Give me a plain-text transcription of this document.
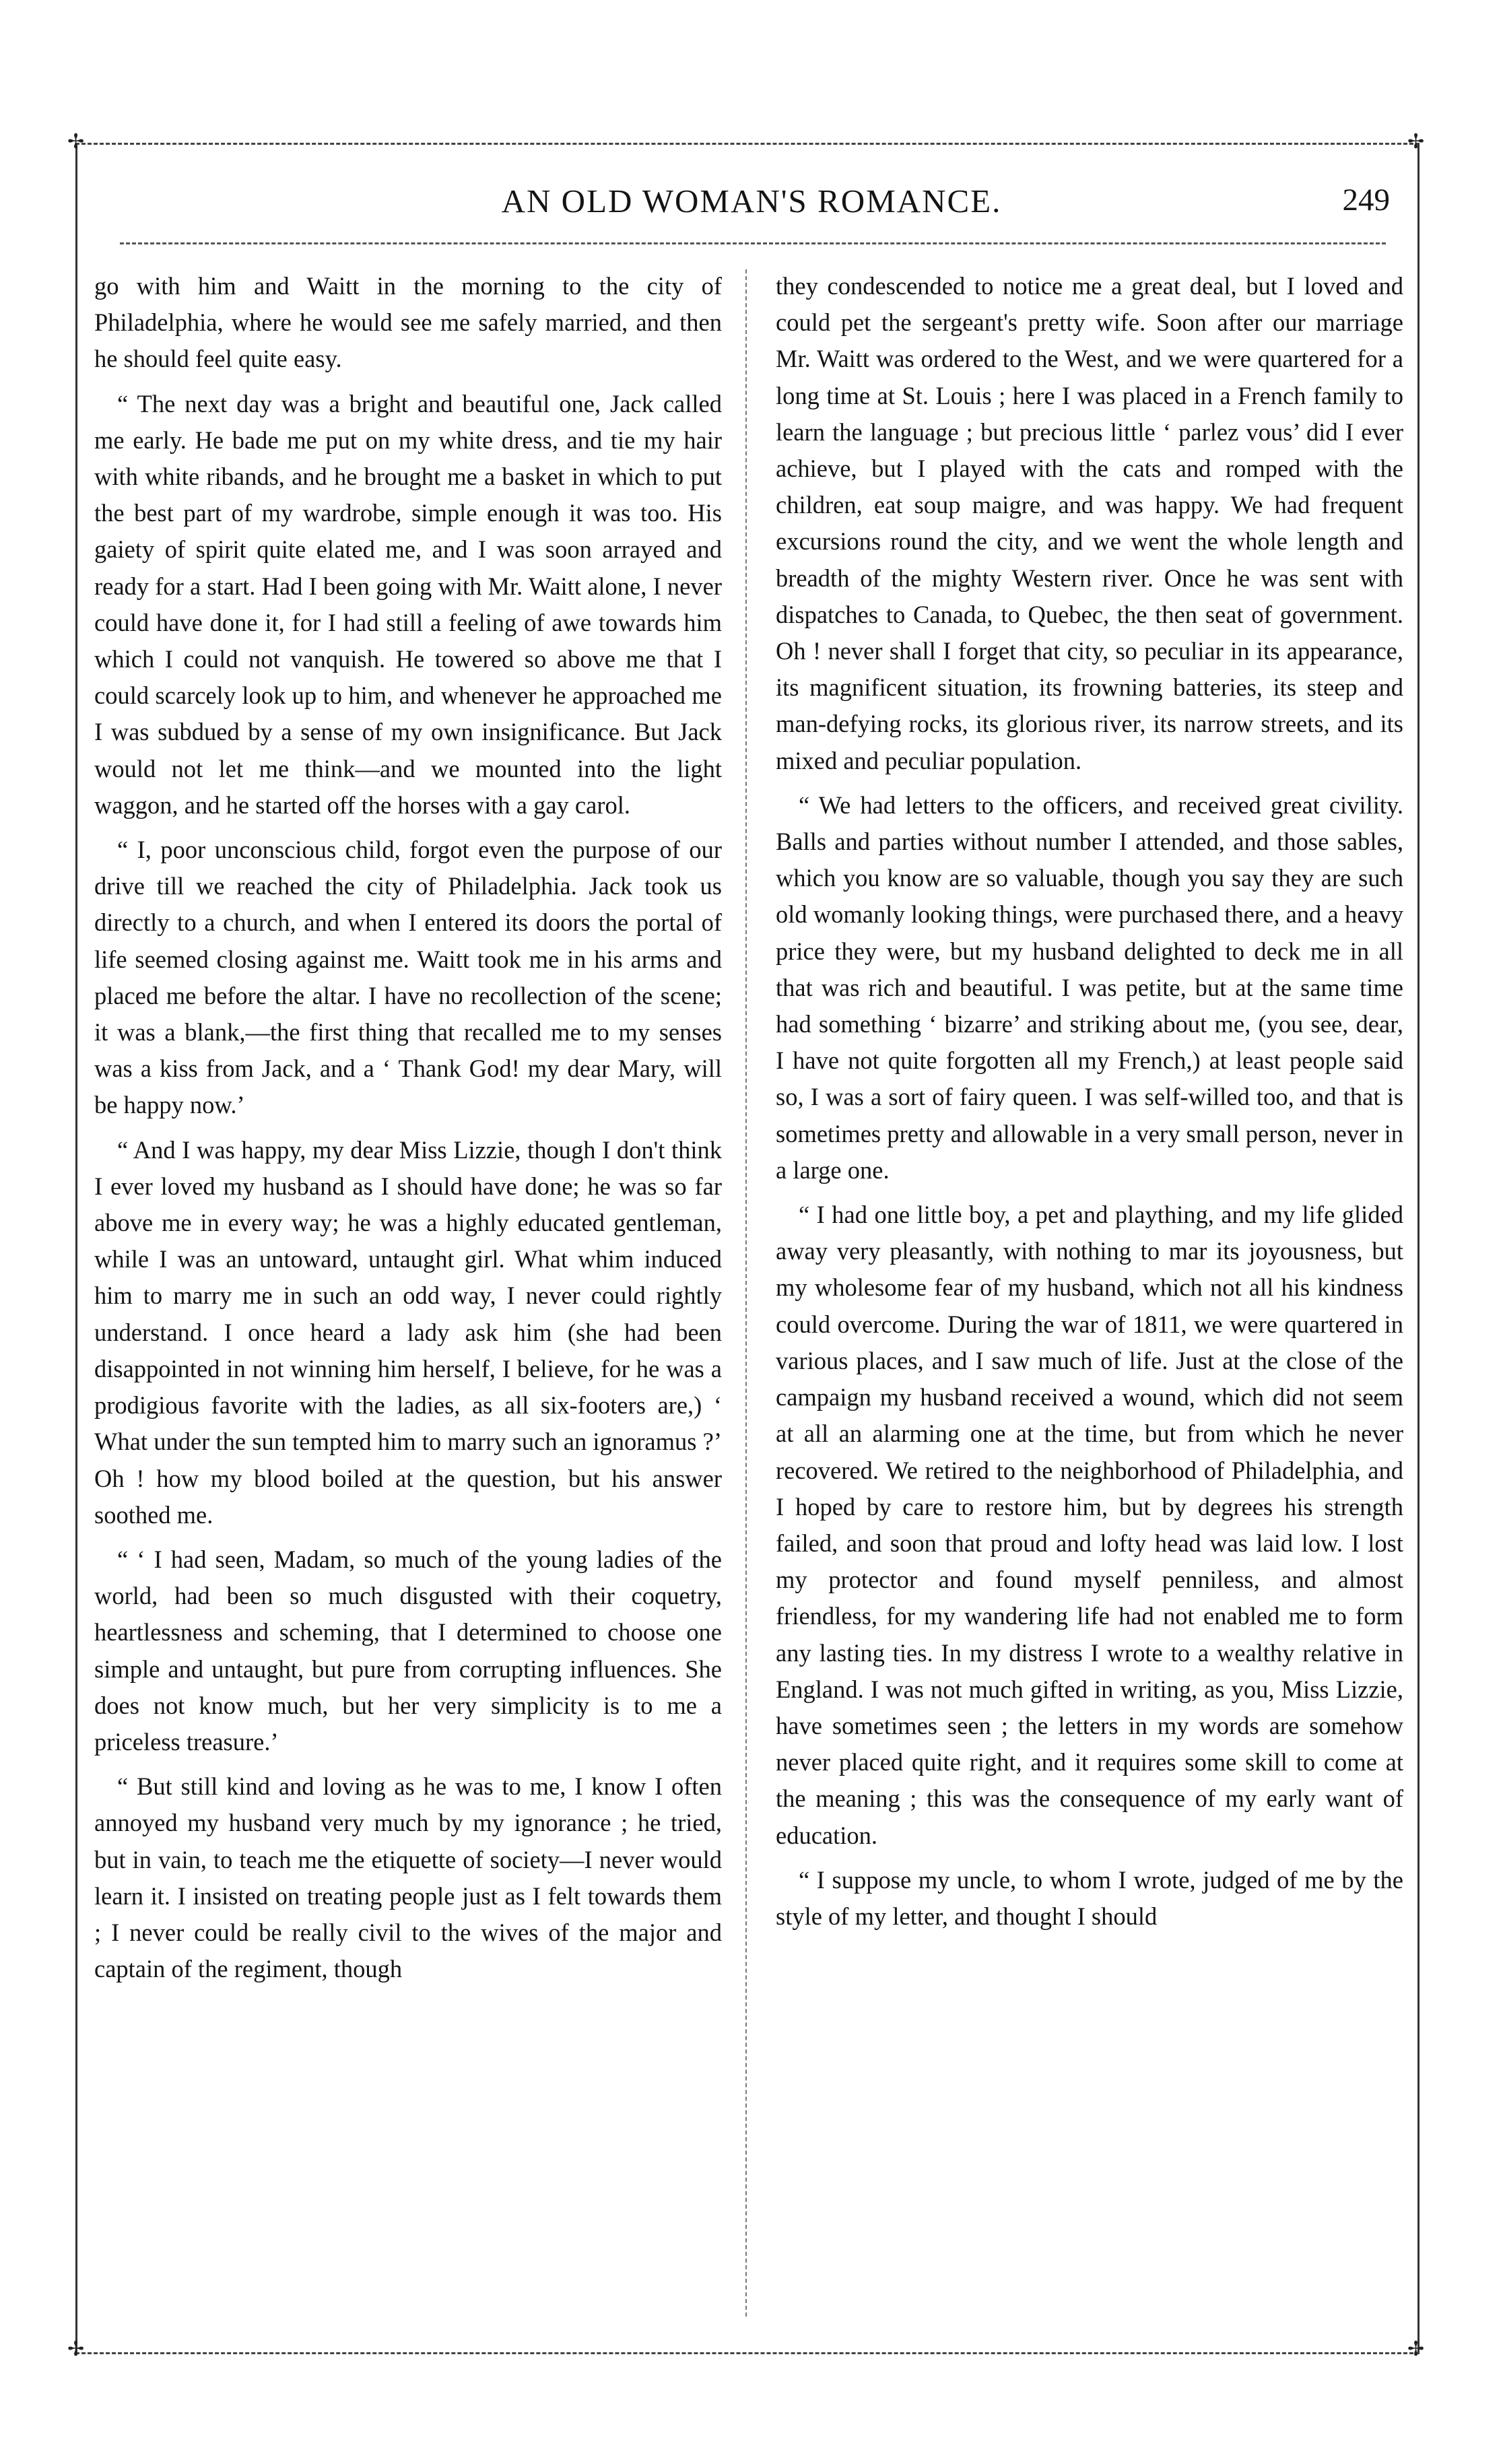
✢	✢
✢	✢
AN OLD WOMAN'S ROMANCE.	249

go with him and Waitt in the morning to the city of Philadelphia, where he would see me safely married, and then he should feel quite easy.

“ The next day was a bright and beautiful one, Jack called me early. He bade me put on my white dress, and tie my hair with white ribands, and he brought me a basket in which to put the best part of my wardrobe, simple enough it was too. His gaiety of spirit quite elated me, and I was soon arrayed and ready for a start. Had I been going with Mr. Waitt alone, I never could have done it, for I had still a feeling of awe towards him which I could not vanquish. He towered so above me that I could scarcely look up to him, and whenever he approached me I was subdued by a sense of my own insignificance. But Jack would not let me think—and we mounted into the light waggon, and he started off the horses with a gay carol.

“ I, poor unconscious child, forgot even the purpose of our drive till we reached the city of Philadelphia. Jack took us directly to a church, and when I entered its doors the portal of life seemed closing against me. Waitt took me in his arms and placed me before the altar. I have no recollection of the scene; it was a blank,—the first thing that recalled me to my senses was a kiss from Jack, and a ‘ Thank God! my dear Mary, will be happy now.’

“ And I was happy, my dear Miss Lizzie, though I don't think I ever loved my husband as I should have done; he was so far above me in every way; he was a highly educated gentleman, while I was an untoward, untaught girl. What whim induced him to marry me in such an odd way, I never could rightly understand. I once heard a lady ask him (she had been disappointed in not winning him herself, I believe, for he was a prodigious favorite with the ladies, as all six-footers are,) ‘ What under the sun tempted him to marry such an ignoramus ?’ Oh ! how my blood boiled at the question, but his answer soothed me.

“ ‘ I had seen, Madam, so much of the young ladies of the world, had been so much disgusted with their coquetry, heartlessness and scheming, that I determined to choose one simple and untaught, but pure from corrupting influences. She does not know much, but her very simplicity is to me a priceless treasure.’

“ But still kind and loving as he was to me, I know I often annoyed my husband very much by my ignorance ; he tried, but in vain, to teach me the etiquette of society—I never would learn it. I insisted on treating people just as I felt towards them ; I never could be really civil to the wives of the major and captain of the regiment, though

they condescended to notice me a great deal, but I loved and could pet the sergeant's pretty wife. Soon after our marriage Mr. Waitt was ordered to the West, and we were quartered for a long time at St. Louis ; here I was placed in a French family to learn the language ; but precious little ‘ parlez vous’ did I ever achieve, but I played with the cats and romped with the children, eat soup maigre, and was happy. We had frequent excursions round the city, and we went the whole length and breadth of the mighty Western river. Once he was sent with dispatches to Canada, to Quebec, the then seat of government. Oh ! never shall I forget that city, so peculiar in its appearance, its magnificent situation, its frowning batteries, its steep and man-defying rocks, its glorious river, its narrow streets, and its mixed and peculiar population.

“ We had letters to the officers, and received great civility. Balls and parties without number I attended, and those sables, which you know are so valuable, though you say they are such old womanly looking things, were purchased there, and a heavy price they were, but my husband delighted to deck me in all that was rich and beautiful. I was petite, but at the same time had something ‘ bizarre’ and striking about me, (you see, dear, I have not quite forgotten all my French,) at least people said so, I was a sort of fairy queen. I was self-willed too, and that is sometimes pretty and allowable in a very small person, never in a large one.

“ I had one little boy, a pet and plaything, and my life glided away very pleasantly, with nothing to mar its joyousness, but my wholesome fear of my husband, which not all his kindness could overcome. During the war of 1811, we were quartered in various places, and I saw much of life. Just at the close of the campaign my husband received a wound, which did not seem at all an alarming one at the time, but from which he never recovered. We retired to the neighborhood of Philadelphia, and I hoped by care to restore him, but by degrees his strength failed, and soon that proud and lofty head was laid low. I lost my protector and found myself penniless, and almost friendless, for my wandering life had not enabled me to form any lasting ties. In my distress I wrote to a wealthy relative in England. I was not much gifted in writing, as you, Miss Lizzie, have sometimes seen ; the letters in my words are somehow never placed quite right, and it requires some skill to come at the meaning ; this was the consequence of my early want of education.

“ I suppose my uncle, to whom I wrote, judged of me by the style of my letter, and thought I should
